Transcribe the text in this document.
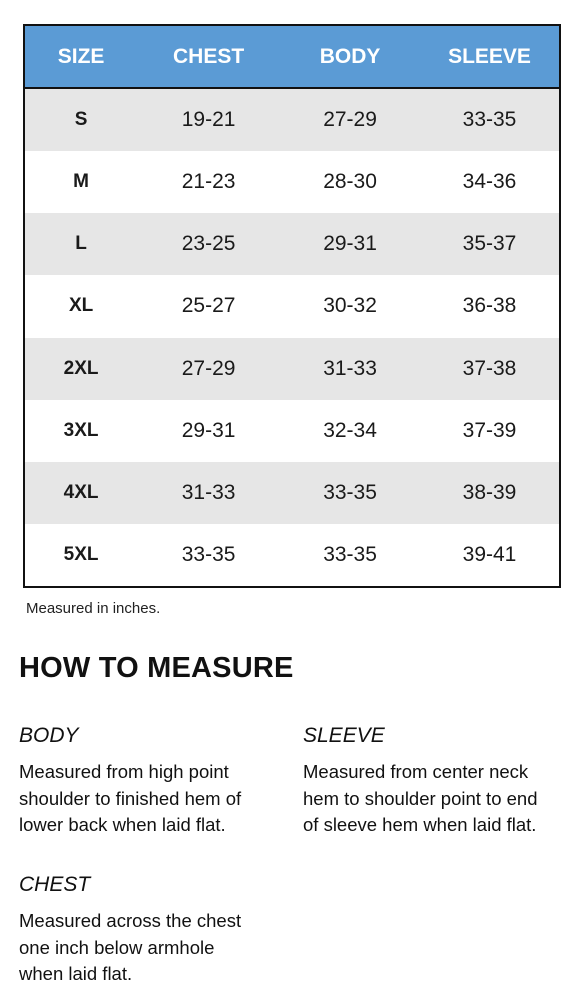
SIZE	CHEST	BODY	SLEEVE
S	19-21	27-29	33-35
M	21-23	28-30	34-36
L	23-25	29-31	35-37
XL	25-27	30-32	36-38
2XL	27-29	31-33	37-38
3XL	29-31	32-34	37-39
4XL	31-33	33-35	38-39
5XL	33-35	33-35	39-41
Measured in inches.
HOW TO MEASURE
BODY
Measured from high point
shoulder to finished hem of
lower back when laid flat.
SLEEVE
Measured from center neck
hem to shoulder point to end
of sleeve hem when laid flat.
CHEST
Measured across the chest
one inch below armhole
when laid flat.
